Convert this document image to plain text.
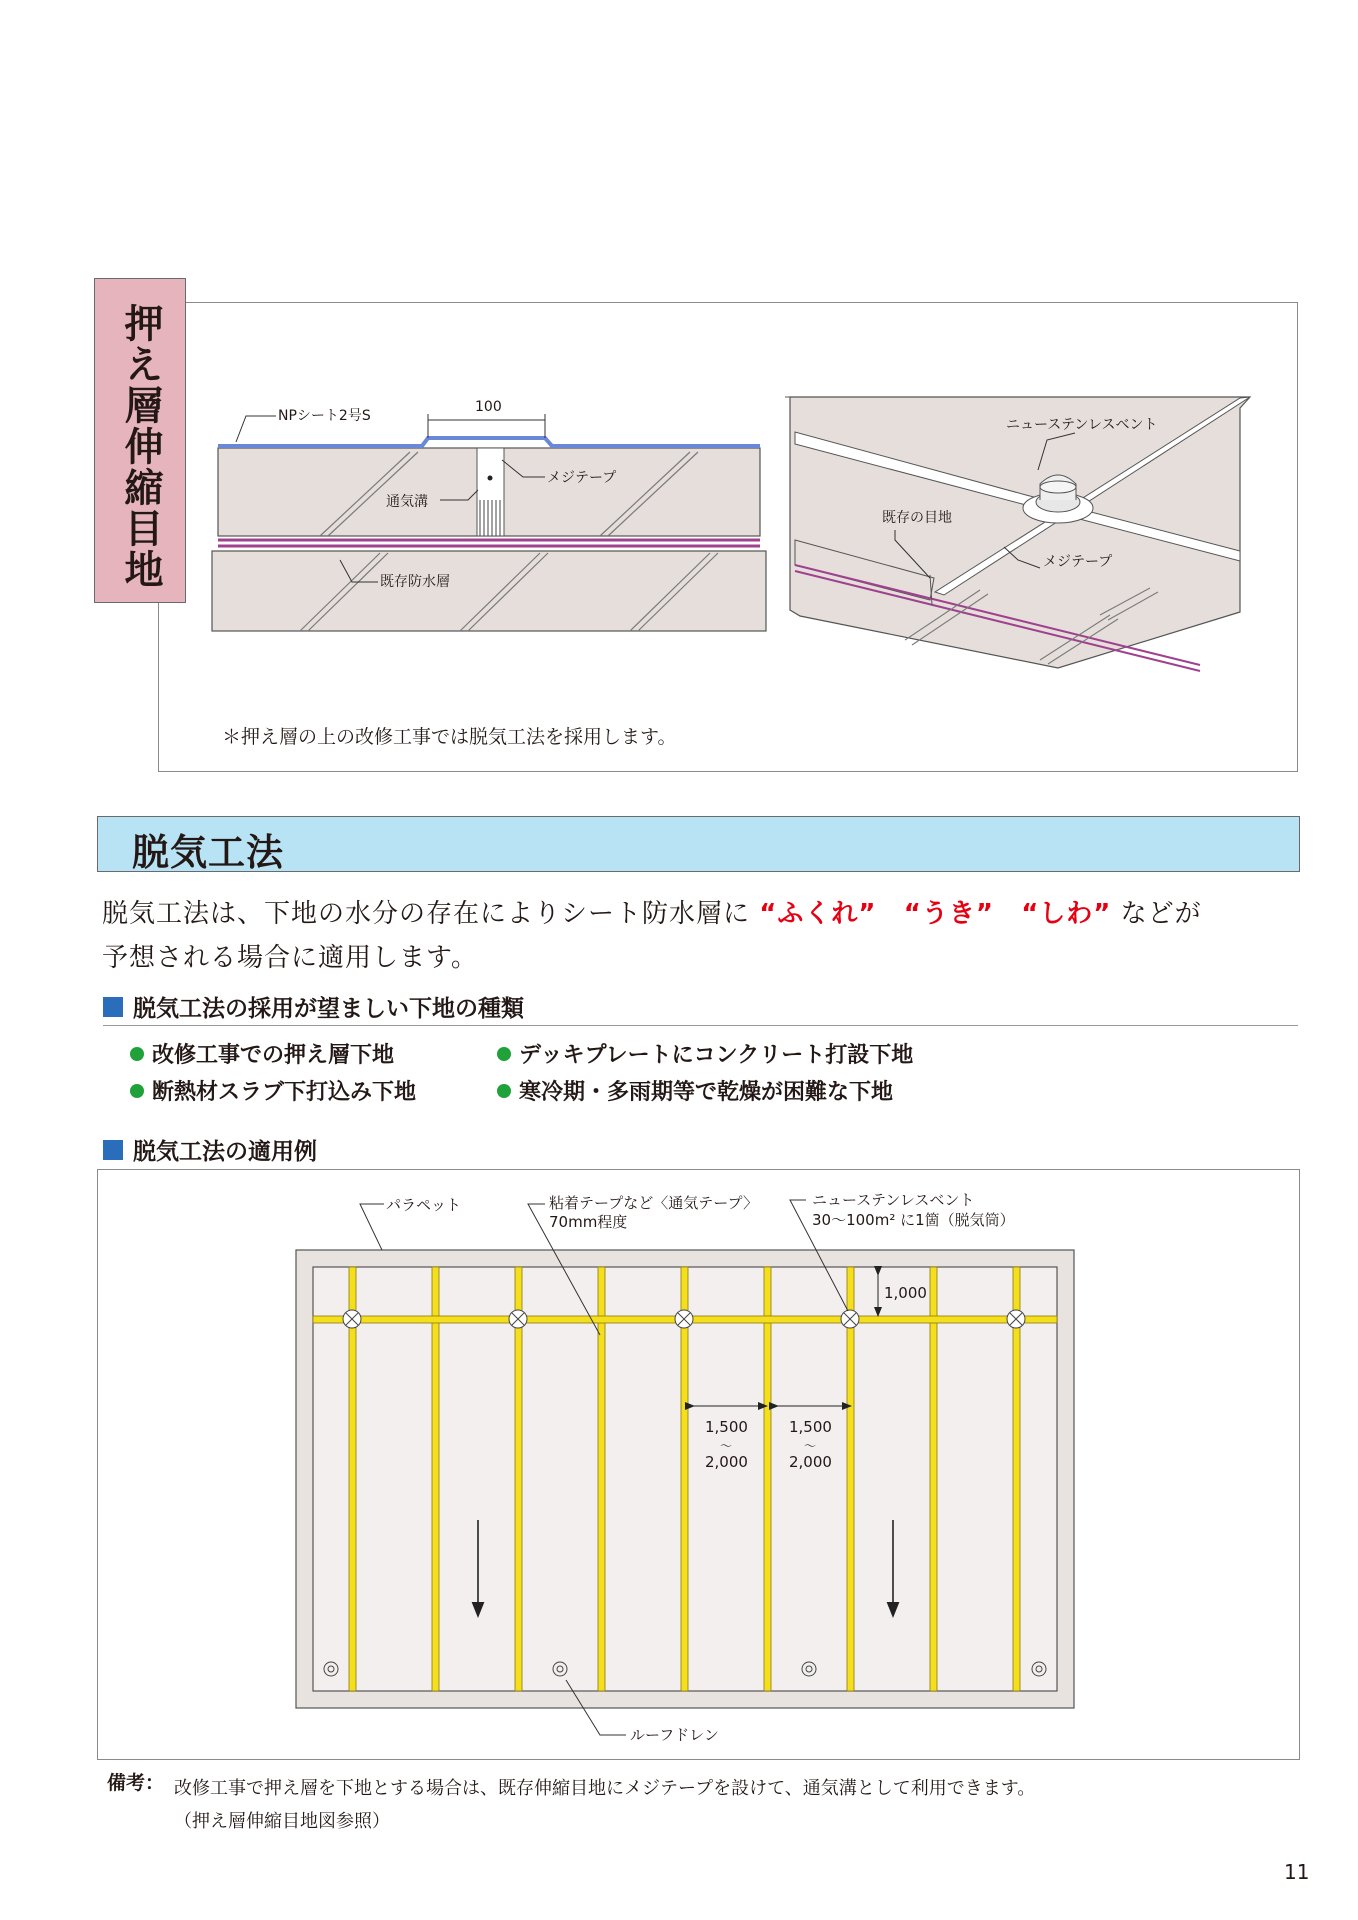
押え層伸縮目地	100
NPシート2号S
メジテープ
通気溝
既存防水層
ニューステンレスベント
既存の目地
メジテープ
＊押え層の上の改修工事では脱気工法を採用します。
脱気工法
脱気工法は、下地の水分の存在によりシート防水層に “ふくれ” “うき” “しわ” などが
予想される場合に適用します。
脱気工法の採用が望ましい下地の種類
改修工事での押え層下地	デッキプレートにコンクリート打設下地
断熱材スラブ下打込み下地	寒冷期・多雨期等で乾燥が困難な下地
脱気工法の適用例
1,000
1,500
〜
2,000
1,500
〜
2,000
パラペット	粘着テープなど〈通気テープ〉
70mm程度
ニューステンレスベント
30〜100m² に1箇（脱気筒）
ルーフドレン
備考： 改修工事で押え層を下地とする場合は、既存伸縮目地にメジテープを設けて、通気溝として利用できます。
（押え層伸縮目地図参照）
11
